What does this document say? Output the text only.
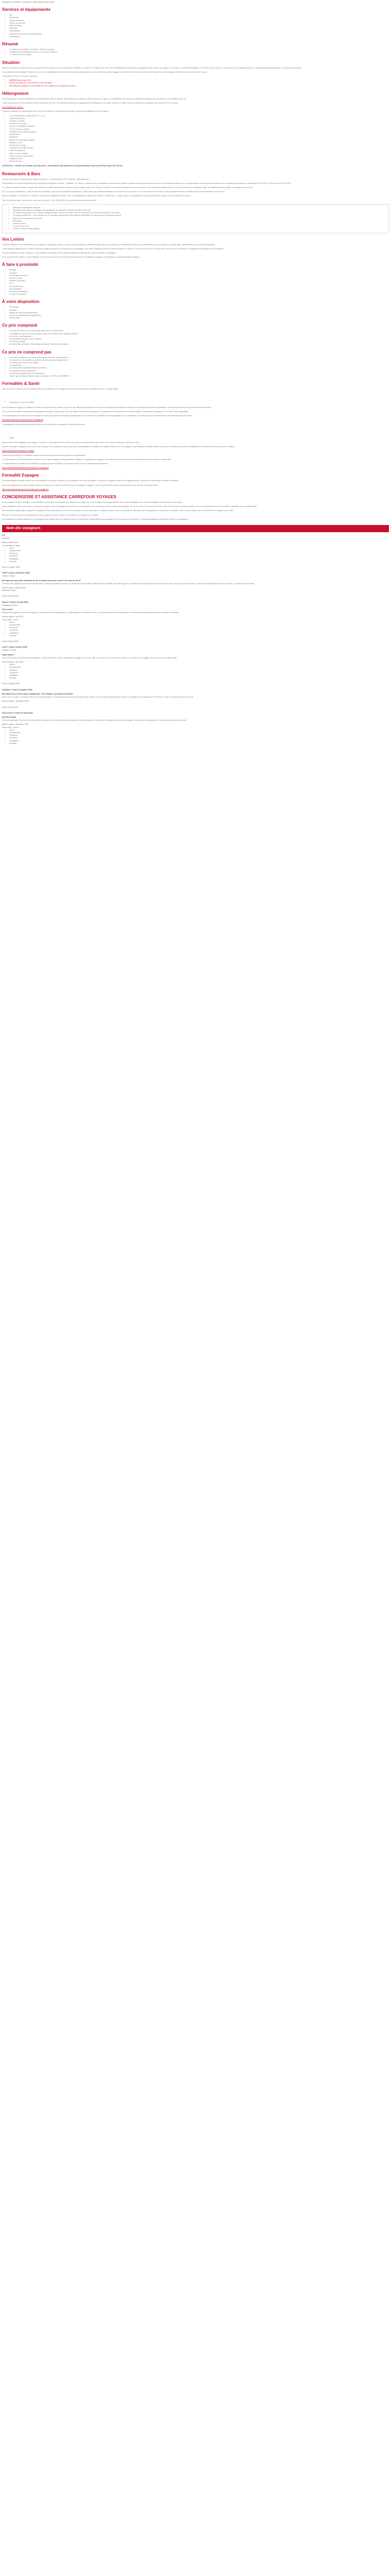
Description Formalités, Concierge & Logis Vacations Avis Client

Services et équipements
• Wifi
• Restaurant
• Piscine extérieure
• Centre de bien-être
• Salle de fitness
• Télévision
• Climatisation
• Accès aux personnes à mobilité réduite
• Conciergerie
Résumé
• Complètement privatisé sur le site, à 150m de la plage
• L'établissement Magnifique situé sur le plus plein moderne
• Le superbe bar tout équipé
Situation

Situé au sommet de la côte sud ouest, Luciana est un lieu hôtel le plus en bordure des Caraïbes. Le reste de ce logement se crée entre le Mansard et le plus beau de paysages d'Anse Couleur sur lequel le vue entre le « quinte de Martinique » au 25 de de Sa « Anse » Il recevez le Sud de Tiguesse Beach, un nouvel hôtel récemment gardé et conçu pour quiconque.

Son positionnement privilégié en front de mer, leur, des installations modernes et des services personnalisés, vous permet d'un séjour magique, en bordure de l'eau donnant un excellent spa et un cadre élégant à l'intérieur avec des amis ou en couple.

L'hôtel est à 20 min en voiture de l'aéroport.

• RÉSERVÉ AUX ADULTES
• SITUÉ AU BORD DE LA PLAGE DE LAS COLINAS
• DESTINATION IDÉALE POUR FAIRE DE LA PLONGÉE ET PLANCHE À VOILE
Hébergement

Vous découvrirez le superbe chambres de l'hôtel Barcelo Tiguesse Beach, salles élaborées et décorées dans le style de la région, se répartissent sur 2 niveaux et comprennent également des suites et des chambres avec vue.

L'hôtel est composé de 136 chambres Deluxe et Deluxe Vue Mer, 145 chambres Deluxe avec équipement et technologie et 80 suites ouvertes Le Hôtel. Et pour se détendre, 25 piscines avec piscine de 3 et 4 pièces.

Les chambres de Deluxe :

Chambre lumineuse de superficie de 26 m² avec un lit double et une salle de bain privée. Equipement pratique d'un lit de 2 places

• 2 lits individuels ou lit King Size de 2 x 2 m.
• Canapé-lit (enfant)
• Terrasse ou balcon
• Télévision écran plat
• Service en chambre 24 heures
• TV 32" LCD par satellite
• Connexion Wifi / internet gratuite
• Climatisation
• Coffre-fort
• Minibar (sur demande, payant)
• Machine à café
• Accessoires de bain
• Téléphone avec ligne directe
• Coffre-fort (payant)
• Salle de bain complète
• Douche de type Rain shower
• Peignoir de bain
• Sèche-cheveux

ATTENTION : L'HÔTEL EST DÉDIÉ AUX ADULTES : LES ENFANTS DE MOINS DE 18 ANS NE SERONT PAS ACCEPTÉS DANS CET HÔTEL.

Restaurants & Bars

Lors de votre séjour à l'hôtel Barceló Tiguesse Beach 4*, vous bénéficierez de la formule « petit-déjeuner ».

Vous profiterez d'un accès illimité aux deux restaurants principaux de l'hôtel : « Atlantis » et « Naya », situés au rez-de-chaussée ou en terrasse. Buffets à volonté et plats préparés sous vos yeux. Les restaurants offrent une vue panoramique sur la piscine principale et vous accueillent tous les jours, petit-déjeuner de 7h30 à 10h30 et dîner de 19h à 22h.

Le « Barceló Cruise Pool Bar » propose ses délicieux cocktails ainsi que des boissons tout au long de la journée. Idéal pour profiter d'un moment de détente en bord de piscine. Vous y trouverez également tout ce qu'il vous faut pour un déjeuner léger. Un établissement de qualité, romantique ou entre amis.

Au « B Lounge Cocktail Bar », situé en face de la réception, vous pourrez déguster des boissons, à l'abri, dans une ambiance élégante et en accord avec vos envies. Le bar est ouvert de 10h à 0h. Ce bar principal est le lieu de rendez-vous pour les animations de la soirée.

Dans le restaurant « Sunset Bar » « Atlantis » vous pourrez également profiter d'une vue magnifique en offrant une formule « Salade Bar », « plats uniques » de qualité avec des propositions de menus pour les grands ou les petits.

Pour un prix plus élevé, vous pouvez opter pour la formule « ALL INCLUSIVE » qui comprend les services suivants :

• Boissons et cocktails de marques
• Bouteilles d'eau, bières et boissons non alcoolisées au restaurant "Atlantis" et dans le mini-bar
• Au "Sunset Sports Bar" et au "Beach Lounge Pool Bar" service à la carte 100% de boissons et une sélection de tapas et de snacks
• "B lounge cocktail bar" + une sélection de 10 cocktails préparés avec des boissons alcoolisées de marque pour les grands moments
• Boissons et cocktails du Beach Bar
• Wifi gratuit
• Activités du soir
• Service à thé à 16h
• Accès à la salle de gym (gratuit)
Vos Loisirs

La piscine offrant une vue imprenable sur la plage et le magnifique coucher de soleil, vous permettra de profiter du soleil autour de la piscine, de commander à boire et de vous détendre avec un cocktail ou un plat léger. Des transats sont mis à votre disposition.

L'hôtel dispose également d'un centre de bien-être équipé d'un sauna, de bains turcs, de massages, d'un spa et d'autres services comme la plongée d'un jacuzzi. L'accès est en plus d'un sauna inclus, et des soins de détente et massages sont disponibles sur réservation.

Pour les résidents de l'hôtel « Barceló » il est possible de participer à des activités organisées telles que des cours de fitness et d'aquagym.

Vous pourrez aussi profiter du cadre idyllique de l'île, pour découvrir ses merveilles sous-marines, en pratiquant la plongée, le snorkeling ou d'autres activités nautiques.

À faire à proximité
• Plongée
• Cyclisme
• Promenades à cheval
• Planche à voile
• Planche à roulettes
• Surf
• Golf (Costa Golf)
• Parc aquatique
• Excursions touristiques
• Location de voitures
À votre disposition
• WiFi gratuit
• Boutique
• Espace de bien-être (supplément)
• Service de blanchisserie (supplément)
• Service PMR
Ce prix comprend
• Les vols aller-retour vers la destination (avec sac en soute inclus)
• L'hébergement, pour la durée du séjour choisi, en chambre de la catégorie réservée
• La formule « petit-déjeuner »
• Les transferts aéroport / hôtel / aéroport
• Les taxes de séjour
• Les taxes aéroportuaires et surcharges carburant (soumises à variation)
Ce prix ne comprend pas
• Les repas et boissons non mentionnés dans la formule « petit-déjeuner »
• Les services et les activités proposées qui sont payants en supplément
• La location de voiture et ses options
• Les pourboires
• Les assurances complémentaires facultatives
• Les dépenses d'ordre personnel
• La franchise bagage (selon le transporteur)
• Tout ce qui n'est pas mentionné dans la rubrique "CE PRIX COMPREND"
Formalités & Santé

Vous trouverez ci-dessous les informations utiles pour préparer votre voyage et prendre connaissance des modalités à suivre à chaque étape :

• Passeport en cours de validité

Les formalités de voyage et conditions d'entrée sont régulièrement mises à jour sur le site officiel de l'Ambassade et sur le site du Ministère des Affaires étrangères et européennes (France Diplomatie). Il est recommandé de les consulter avant votre départ.

Pour toutes informations concernant les formalités douanières, rendez-vous sur le site officiel des douanes françaises. Il est également recommandé de consulter l'onglet « Conseils aux voyageurs » sur le site France Diplomatie.

Les ressortissants hors-UE doivent se renseigner auprès des autorités consulaires compétentes pour connaître les formalités d'entrée applicables à leur nationalité, en fonction du pays de destination et des éventuels pays de transit.

www.diplomatie.gouv.fr/fr/conseils-aux-voyageurs/

Les passagers ne pourront pas accéder à bord si leurs documents de voyage ne sont pas conformes.

• Santé

Aucun vaccin n'est obligatoire pour voyager. Toutefois, il est conseillé d'être à jour de ses vaccins universels ainsi que d'avoir une trousse à pharmacie prête avec vous.

Aucune vaccination obligatoire pour entrer dans le pays. Il est conseillé de vous munir des recommandations sanitaires de l'Institut Pasteur. Pour les voyageurs avec traitement médical, veillez à avoir vos ordonnances en ordre et suffisamment de médicaments pour la durée du séjour.

https://www.pasteur.fr/fr/centre-medical

Toutes les informations de formalités d'entrée et de santé sont données sous réserve de modifications.

Ces informations sont fournies à titre indicatif et ne sauraient engager la responsabilité de l'agence. Il appartient au voyageur de se tenir informé des évolutions éventuelles auprès des autorités compétentes.

La réglementation en matière de formalités de voyage peut être modifiée à tout moment. Merci de vous renseigner régulièrement.

https://www.diplomatie.gouv.fr/fr/conseils-aux-voyageurs/

Formalité Espagne

Les ressortissants français doivent être en possession d'une carte d'identité ou d'un passeport en cours de validité. Les mineurs voyageant seuls doivent également être munis d'une autorisation de sortie du territoire.

Nous vous rappelons que les modalités d'entrée, de séjour et de sortie du territoire sont à la charge du voyageur. Nous ne pourrons être tenus responsables en cas de refus d'embarquement.

https://www.diplomatie.gouv.fr/fr/conseils-aux-voyageurs/

CONCIERGERIE ET ASSISTANCE CARREFOUR VOYAGES

En choisissant Carrefour Voyages, vous bénéficiez d'un service conciergerie pour préparer votre séjour en toute sérénité. Notre équipe dédiée reste à votre disposition pour vous accompagner tout au long de votre séjour.

Avant, pendant et après votre séjour, une équipe d'experts vous accompagne pour répondre à vos questions et à vos besoins. Notre équipe reste joignable 7j/7 de 9h à 21h et le week-end de 10h à 19h. Si vous avez la moindre question ou si vous souhaitez réserver une activité, contactez votre conseiller dédié.

Une assistance téléphonique d'urgence est également disponible 24h/24 et 7j/7 pour tout imprévu durant votre séjour : problème médical, perte de documents, difficultés avec l'hébergement. Vous pouvez la contacter via le numéro indiqué sur vos documents de voyage ou par email.

Afin de vous informer pour la préparation de votre voyage, consultez l'onglet « Formalités » et contactez un conseiller.

Les demandes formulées auprès de la conciergerie sont traitées dans les meilleurs délais, en fonction de la disponibilité des prestataires et de la nature de la demande. Certaines prestations peuvent faire l'objet d'un supplément.

Note des voyageurs
4.5
Très bien
Basé sur 9632 Avis
Commentaires Clients
• Literie
• Emplacement
• Personnel
• Chambres
• Qualité/prix
• Propreté
Voté le 3 janvier 2025
Jean*** (voté le 26 janvier 2026)
France, France
Bel hôtel qui fournit des chambres de 32 m2 quand vous avez réservé une suite de 39 m2

Chambre très spacieuse dans une très belle suite. L'hôtel est agréable et propre. Le personnel est accueillant, attentif et très serviable. Seul point négatif : les chambres communiquent entre elles par une porte, ce qui peut être bruyant. La piscine est très agréable et la vue superbe. Je recommande cet hôtel.

Date du séjour : janvier 2026
Marseille, France
Voté le 26 mai 2025
Sacha*** (voté le 26 mai 2025)
Strasbourg, France
Très correct

Emplacement parfait, au bord de la plage. Le personnel est très sympathique. Le petit-déjeuner est copieux et varié. Les chambres sont bien entretenues. Je recommande cet établissement pour un séjour de détente.

Date du séjour : mai 2025
Voir la note : 4 sur 5
• Literie
• Emplacement
• Personnel
• Chambres
• Qualité/prix
• Propreté
Voté le 28 juin 2025
Luca*** (voté le 28 juin 2025)
Hoboken, France
Super séjour !

Nous avons passé une semaine très agréable. L'hôtel est très bien situé, à proximité de la plage et du centre-ville. Le personnel est à l'écoute et souriant. Les repas sont de qualité. Nous y retournerons avec plaisir.

Date du séjour : juin 2025
• Literie
• Emplacement
• Personnel
• Chambres
• Qualité/prix
• Propreté
Voté le 18 juillet 2025
Claudine*** (voté le 18 juillet 2025)
Bel hôtel pour un beau repos et qualité prix. Très chargé, le personnel très fidèle

Belle vue sur la mer. La chambre est propre et bien équipée. Le restaurant propose des plats variés et de qualité. Le personnel est disponible et souriant. L'animation est sympathique. Petit bémol : le bar de la piscine ferme un peu tôt.

Date du séjour : décembre 2024
Voté le 9 août 2024
Anne-Laure*** (voté le 9 août 2024)
Excellent séjour

Hôtel très agréable. Personnel très accueillant et disponible. Les chambres sont spacieuses et bien entretenues. La situation est idéale pour découvrir la région. La piscine est très agréable. Je recommande vivement cet hôtel.

Date du séjour : décembre 2024
Voir la note : 5 sur 5
• Literie
• Emplacement
• Personnel
• Chambres
• Qualité/prix
• Propreté
